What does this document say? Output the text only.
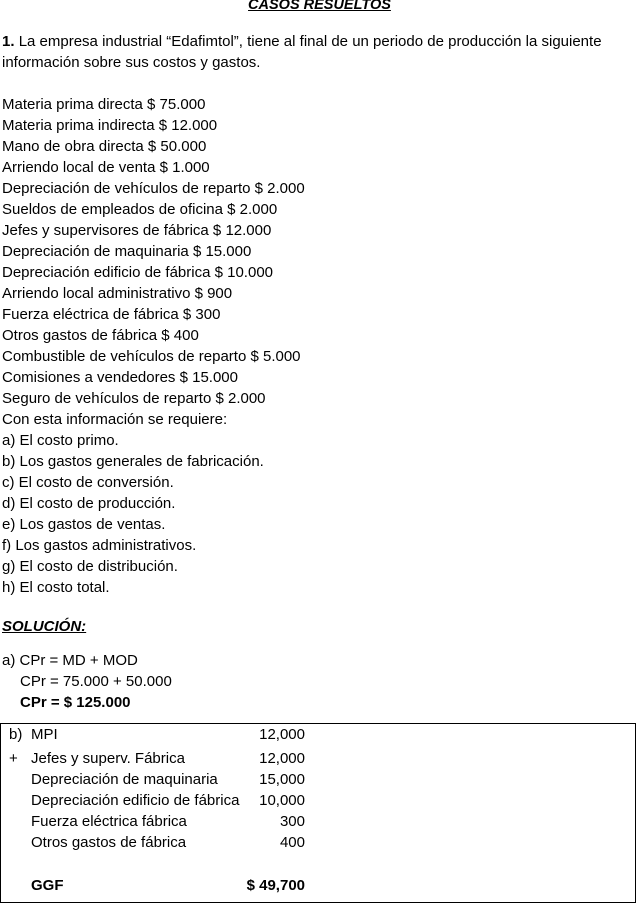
CASOS RESUELTOS
1. La empresa industrial “Edafimtol”, tiene al final de un periodo de producción la siguiente información sobre sus costos y gastos.
Materia prima directa $ 75.000
Materia prima indirecta $ 12.000
Mano de obra directa $ 50.000
Arriendo local de venta $ 1.000
Depreciación de vehículos de reparto $ 2.000
Sueldos de empleados de oficina $ 2.000
Jefes y supervisores de fábrica $ 12.000
Depreciación de maquinaria $ 15.000
Depreciación edificio de fábrica $ 10.000
Arriendo local administrativo $ 900
Fuerza eléctrica de fábrica $ 300
Otros gastos de fábrica $ 400
Combustible de vehículos de reparto $ 5.000
Comisiones a vendedores $ 15.000
Seguro de vehículos de reparto $ 2.000
Con esta información se requiere:
a) El costo primo.
b) Los gastos generales de fabricación.
c) El costo de conversión.
d) El costo de producción.
e) Los gastos de ventas.
f) Los gastos administrativos.
g) El costo de distribución.
h) El costo total.
SOLUCIÓN:
a) CPr = MD + MOD
CPr = 75.000 + 50.000
CPr = $ 125.000
b) MPI	12,000
+ Jefes y superv. Fábrica	12,000
Depreciación de maquinaria	15,000
Depreciación edificio de fábrica 10,000
Fuerza eléctrica fábrica	300
Otros gastos de fábrica	400
GGF	$ 49,700
